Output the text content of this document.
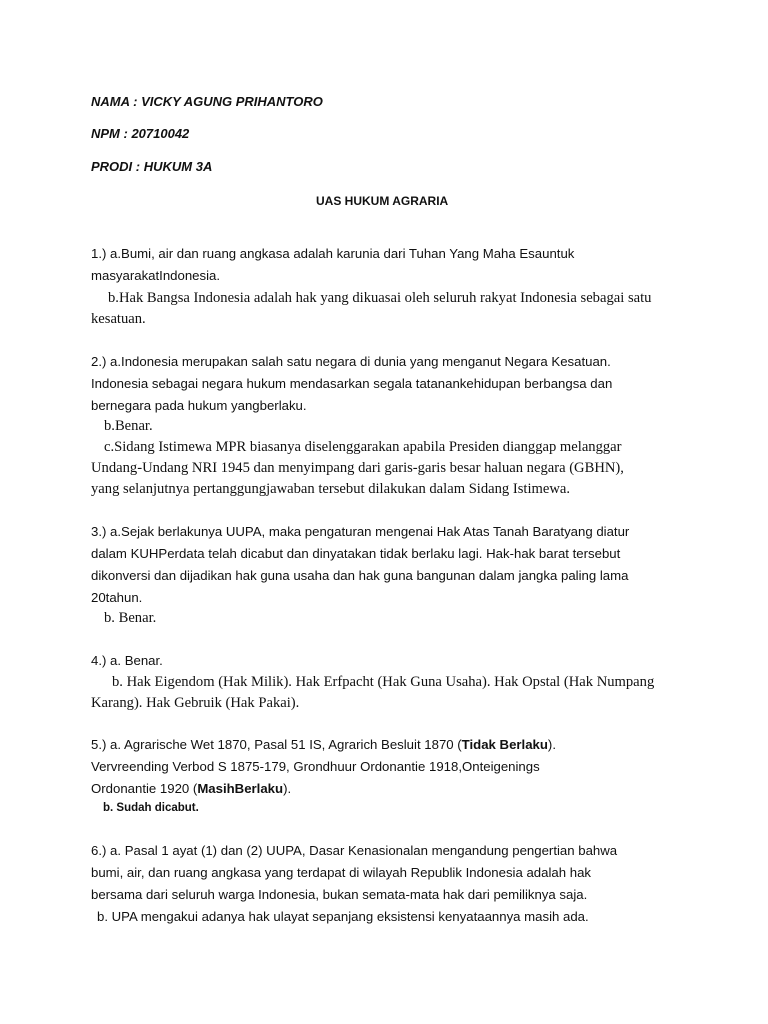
NAMA : VICKY AGUNG PRIHANTORO
NPM : 20710042
PRODI : HUKUM 3A
UAS HUKUM AGRARIA
1.) a.Bumi, air dan ruang angkasa adalah karunia dari Tuhan Yang Maha Esauntuk
masyarakatIndonesia.
b.Hak Bangsa Indonesia adalah hak yang dikuasai oleh seluruh rakyat Indonesia sebagai satu
kesatuan.
2.) a.Indonesia merupakan salah satu negara di dunia yang menganut Negara Kesatuan.
Indonesia sebagai negara hukum mendasarkan segala tatanankehidupan berbangsa dan
bernegara pada hukum yangberlaku.
b.Benar.
c.Sidang Istimewa MPR biasanya diselenggarakan apabila Presiden dianggap melanggar
Undang-Undang NRI 1945 dan menyimpang dari garis-garis besar haluan negara (GBHN),
yang selanjutnya pertanggungjawaban tersebut dilakukan dalam Sidang Istimewa.
3.) a.Sejak berlakunya UUPA, maka pengaturan mengenai Hak Atas Tanah Baratyang diatur
dalam KUHPerdata telah dicabut dan dinyatakan tidak berlaku lagi. Hak-hak barat tersebut
dikonversi dan dijadikan hak guna usaha dan hak guna bangunan dalam jangka paling lama
20tahun.
b. Benar.
4.) a. Benar.
b. Hak Eigendom (Hak Milik). Hak Erfpacht (Hak Guna Usaha). Hak Opstal (Hak Numpang
Karang). Hak Gebruik (Hak Pakai).
5.) a. Agrarische Wet 1870, Pasal 51 IS, Agrarich Besluit 1870 (Tidak Berlaku).
Vervreending Verbod S 1875-179, Grondhuur Ordonantie 1918,Onteigenings
Ordonantie 1920 (MasihBerlaku).
b. Sudah dicabut.
6.) a. Pasal 1 ayat (1) dan (2) UUPA, Dasar Kenasionalan mengandung pengertian bahwa
bumi, air, dan ruang angkasa yang terdapat di wilayah Republik Indonesia adalah hak
bersama dari seluruh warga Indonesia, bukan semata-mata hak dari pemiliknya saja.
b. UPA mengakui adanya hak ulayat sepanjang eksistensi kenyataannya masih ada.
